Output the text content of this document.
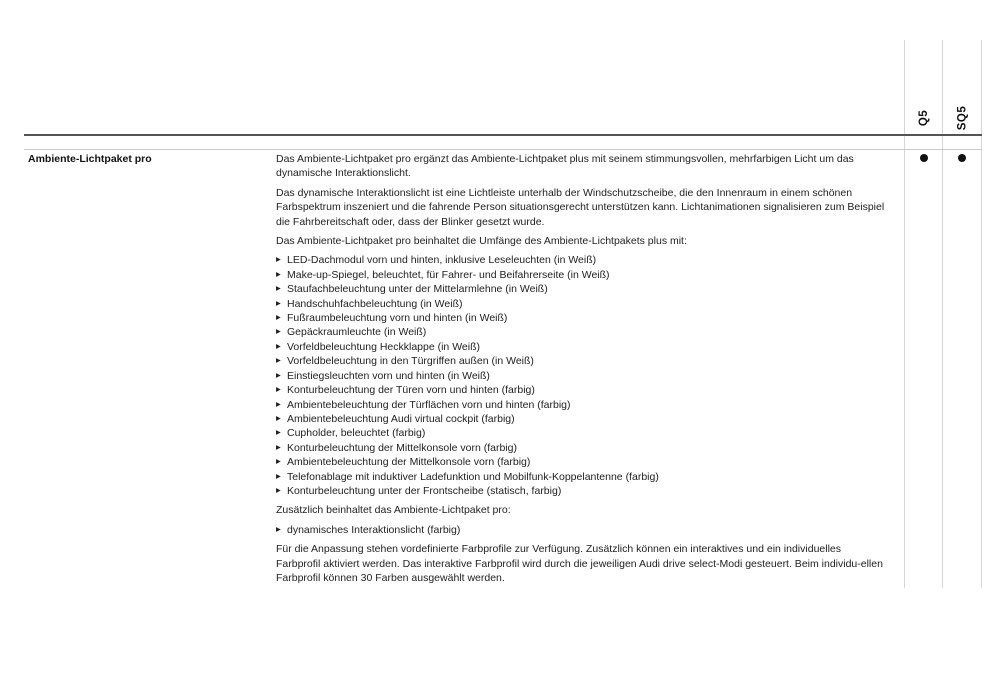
Q5 SQ5
Ambiente-Lichtpaket pro	Das Ambiente-Lichtpaket pro ergänzt das Ambiente-Lichtpaket plus mit seinem stimmungsvollen, mehrfarbigen Licht um das dynamische Interaktionslicht.

Das dynamische Interaktionslicht ist eine Lichtleiste unterhalb der Windschutzscheibe, die den Innenraum in einem schönen Farbspektrum inszeniert und die fahrende Person situationsgerecht unterstützen kann. Lichtanimationen signalisieren zum Beispiel die Fahrbereitschaft oder, dass der Blinker gesetzt wurde.

Das Ambiente-Lichtpaket pro beinhaltet die Umfänge des Ambiente-Lichtpakets plus mit:

▸ LED-Dachmodul vorn und hinten, inklusive Leseleuchten (in Weiß)
▸ Make-up-Spiegel, beleuchtet, für Fahrer- und Beifahrerseite (in Weiß)
▸ Staufachbeleuchtung unter der Mittelarmlehne (in Weiß)
▸ Handschuhfachbeleuchtung (in Weiß)
▸ Fußraumbeleuchtung vorn und hinten (in Weiß)
▸ Gepäckraumleuchte (in Weiß)
▸ Vorfeldbeleuchtung Heckklappe (in Weiß)
▸ Vorfeldbeleuchtung in den Türgriffen außen (in Weiß)
▸ Einstiegsleuchten vorn und hinten (in Weiß)
▸ Konturbeleuchtung der Türen vorn und hinten (farbig)
▸ Ambientebeleuchtung der Türflächen vorn und hinten (farbig)
▸ Ambientebeleuchtung Audi virtual cockpit (farbig)
▸ Cupholder, beleuchtet (farbig)
▸ Konturbeleuchtung der Mittelkonsole vorn (farbig)
▸ Ambientebeleuchtung der Mittelkonsole vorn (farbig)
▸ Telefonablage mit induktiver Ladefunktion und Mobilfunk-Koppelantenne (farbig)
▸ Konturbeleuchtung unter der Frontscheibe (statisch, farbig)

Zusätzlich beinhaltet das Ambiente-Lichtpaket pro:

▸ dynamisches Interaktionslicht (farbig)

Für die Anpassung stehen vordefinierte Farbprofile zur Verfügung. Zusätzlich können ein interaktives und ein individuelles Farbprofil aktiviert werden. Das interaktive Farbprofil wird durch die jeweiligen Audi drive select-Modi gesteuert. Beim individu-ellen Farbprofil können 30 Farben ausgewählt werden.
